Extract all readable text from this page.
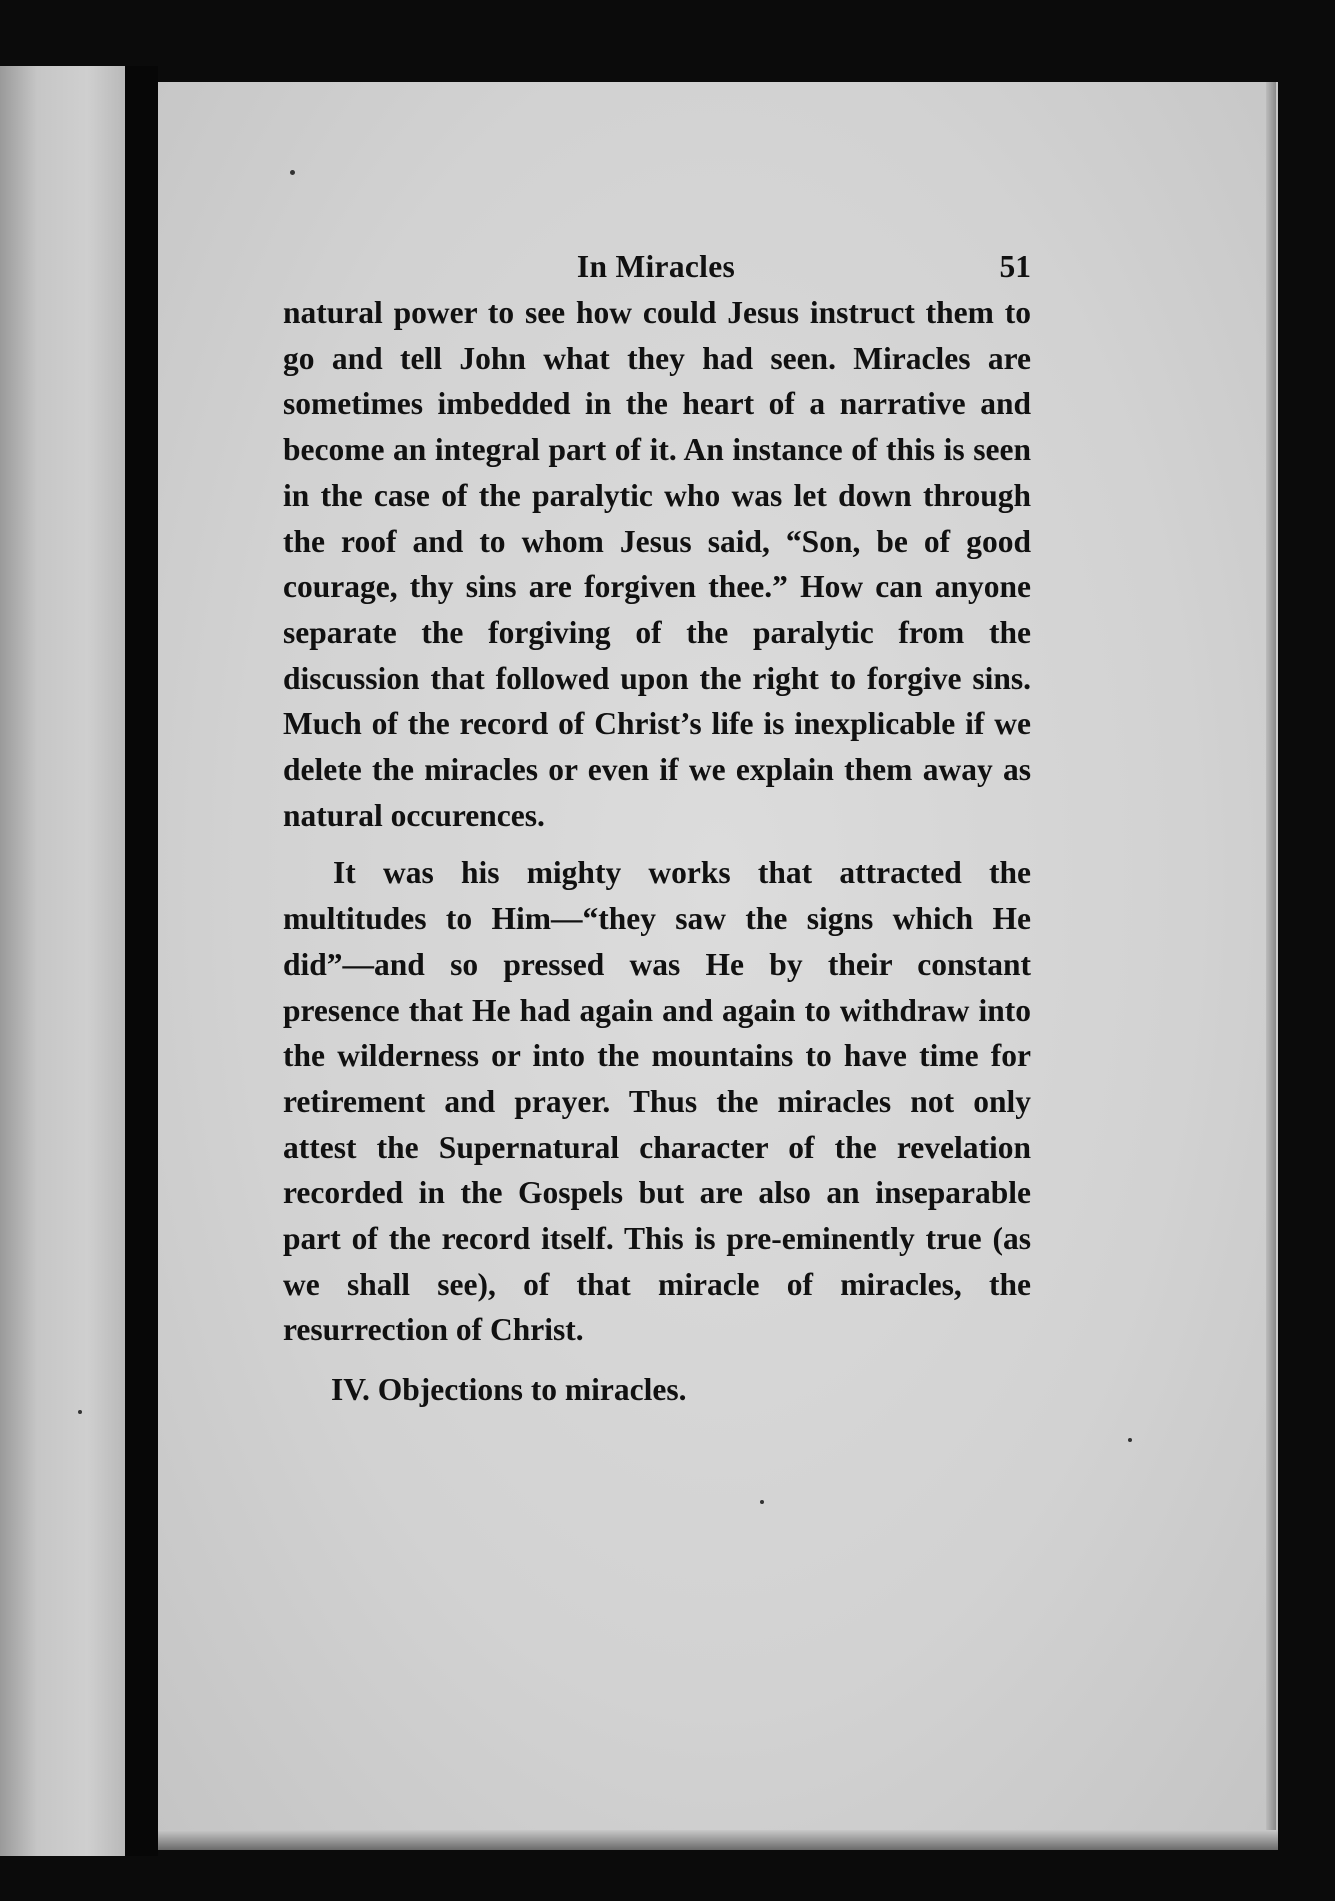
In Miracles	51

natural power to see how could Jesus instruct them to go and tell John what they had seen. Miracles are sometimes imbedded in the heart of a narrative and become an integral part of it. An instance of this is seen in the case of the paralytic who was let down through the roof and to whom Jesus said, “Son, be of good courage, thy sins are forgiven thee.” How can anyone separate the forgiving of the paralytic from the discussion that followed upon the right to forgive sins. Much of the record of Christ’s life is inexplicable if we delete the miracles or even if we explain them away as natural occurences.

It was his mighty works that attracted the multitudes to Him—“they saw the signs which He did”—and so pressed was He by their constant presence that He had again and again to withdraw into the wilderness or into the mountains to have time for retirement and prayer. Thus the miracles not only attest the Supernatural character of the revelation recorded in the Gospels but are also an inseparable part of the record itself. This is pre-eminently true (as we shall see), of that miracle of miracles, the resurrection of Christ.

IV. Objections to miracles.
